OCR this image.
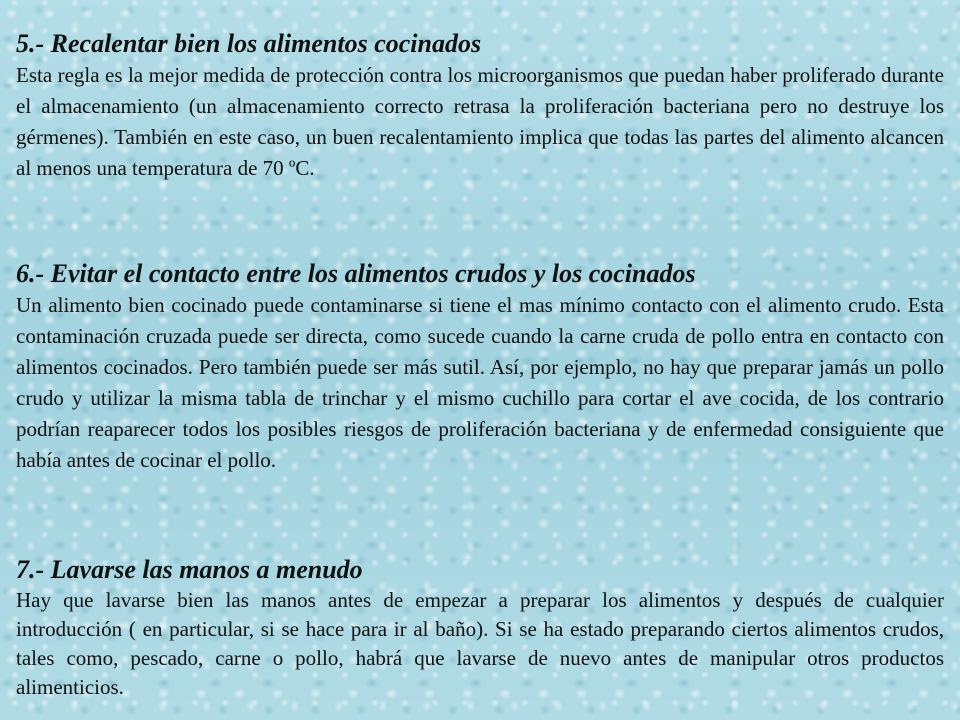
5.- Recalentar bien los alimentos cocinados

Esta regla es la mejor medida de protección contra los microorganismos que puedan haber proliferado durante el almacenamiento (un almacenamiento correcto retrasa la proliferación bacteriana pero no destruye los gérmenes). También en este caso, un buen recalentamiento implica que todas las partes del alimento alcancen al menos una temperatura de 70 ºC.

6.- Evitar el contacto entre los alimentos crudos y los cocinados

Un alimento bien cocinado puede contaminarse si tiene el mas mínimo contacto con el alimento crudo. Esta contaminación cruzada puede ser directa, como sucede cuando la carne cruda de pollo entra en contacto con alimentos cocinados. Pero también puede ser más sutil. Así, por ejemplo, no hay que preparar jamás un pollo crudo y utilizar la misma tabla de trinchar y el mismo cuchillo para cortar el ave cocida, de los contrario podrían reaparecer todos los posibles riesgos de proliferación bacteriana y de enfermedad consiguiente que había antes de cocinar el pollo.

7.- Lavarse las manos a menudo

Hay que lavarse bien las manos antes de empezar a preparar los alimentos y después de cualquier introducción ( en particular, si se hace para ir al baño). Si se ha estado preparando ciertos alimentos crudos, tales como, pescado, carne o pollo, habrá que lavarse de nuevo antes de manipular otros productos alimenticios.
